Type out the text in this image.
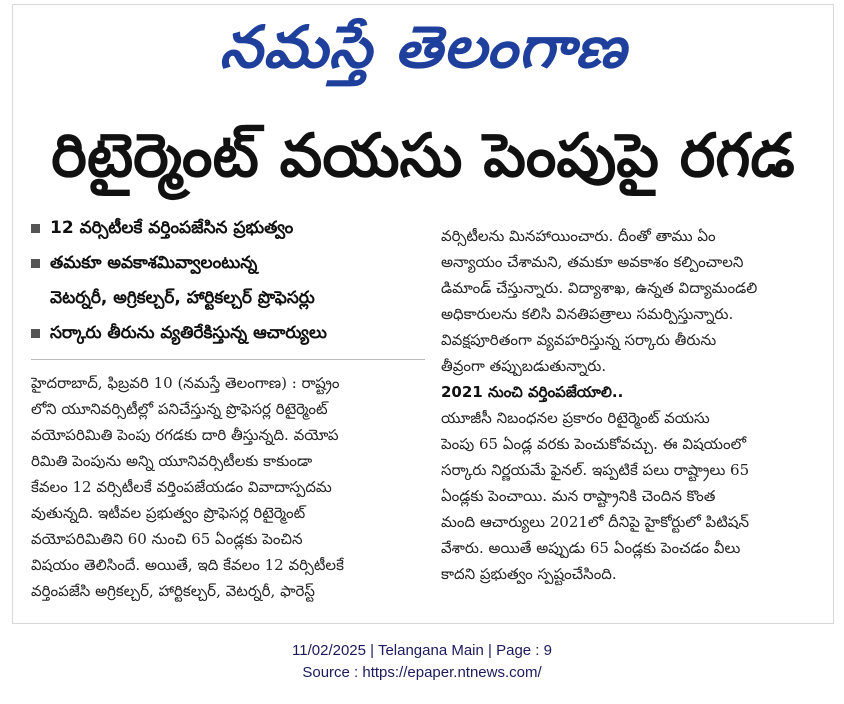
నమస్తే తెలంగాణ
రిటైర్మెంట్ వయసు పెంపుపై రగడ
12 వర్సిటీలకే వర్తింపజేసిన ప్రభుత్వం
తమకూ అవకాశమివ్వాలంటున్న
వెటర్నరీ, అగ్రికల్చర్, హార్టికల్చర్ ప్రొఫెసర్లు
సర్కారు తీరును వ్యతిరేకిస్తున్న ఆచార్యులు
హైదరాబాద్, ఫిబ్రవరి 10 (నమస్తే తెలంగాణ) : రాష్ట్రం
లోని యూనివర్సిటీల్లో పనిచేస్తున్న ప్రొఫెసర్ల రిటైర్మెంట్
వయోపరిమితి పెంపు రగడకు దారి తీస్తున్నది. వయోప
రిమితి పెంపును అన్ని యూనివర్సిటీలకు కాకుండా
కేవలం 12 వర్సిటీలకే వర్తింపజేయడం వివాదాస్పదమ
వుతున్నది. ఇటీవల ప్రభుత్వం ప్రొఫెసర్ల రిటైర్మెంట్
వయోపరిమితిని 60 నుంచి 65 ఏండ్లకు పెంచిన
విషయం తెలిసిందే. అయితే, ఇది కేవలం 12 వర్సిటీలకే
వర్తింపజేసి అగ్రికల్చర్, హార్టికల్చర్, వెటర్నరీ, ఫారెస్ట్
వర్సిటీలను మినహాయించారు. దీంతో తాము ఏం
అన్యాయం చేశామని, తమకూ అవకాశం కల్పించాలని
డిమాండ్ చేస్తున్నారు. విద్యాశాఖ, ఉన్నత విద్యామండలి
అధికారులను కలిసి వినతిపత్రాలు సమర్పిస్తున్నారు.
వివక్షపూరితంగా వ్యవహరిస్తున్న సర్కారు తీరును
తీవ్రంగా తప్పుబడుతున్నారు.
2021 నుంచి వర్తింపజేయాలి..
యూజీసీ నిబంధనల ప్రకారం రిటైర్మెంట్ వయసు
పెంపు 65 ఏండ్ల వరకు పెంచుకోవచ్చు. ఈ విషయంలో
సర్కారు నిర్ణయమే ఫైనల్. ఇప్పటికే పలు రాష్ట్రాలు 65
ఏండ్లకు పెంచాయి. మన రాష్ట్రానికి చెందిన కొంత
మంది ఆచార్యులు 2021లో దీనిపై హైకోర్టులో పిటిషన్
వేశారు. అయితే అప్పుడు 65 ఏండ్లకు పెంచడం వీలు
కాదని ప్రభుత్వం స్పష్టంచేసింది.
11/02/2025 | Telangana Main | Page : 9
Source : https://epaper.ntnews.com/
